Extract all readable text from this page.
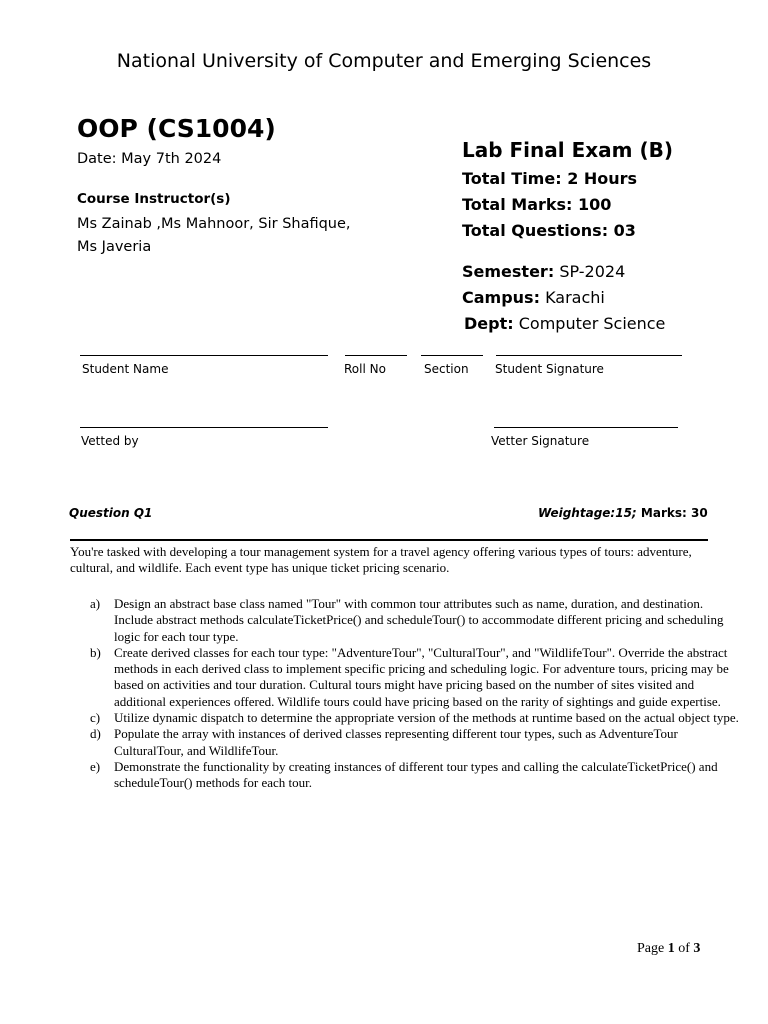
National University of Computer and Emerging Sciences
OOP (CS1004)
Date: May 7th 2024
Course Instructor(s)
Ms Zainab ,Ms Mahnoor, Sir Shafique,
Ms Javeria
Lab Final Exam (B)
Total Time: 2 Hours
Total Marks: 100
Total Questions: 03
Semester: SP-2024
Campus: Karachi
Dept: Computer Science
Student Name	Roll No	Section Student Signature
Vetted by	Vetter Signature
Question Q1	Weightage:15; Marks: 30
You're tasked with developing a tour management system for a travel agency offering various types of tours: adventure, cultural, and wildlife. Each event type has unique ticket pricing scenario.
a) Design an abstract base class named "Tour" with common tour attributes such as name, duration, and destination. Include abstract methods calculateTicketPrice() and scheduleTour() to accommodate different pricing and scheduling logic for each tour type.
b) Create derived classes for each tour type: "AdventureTour", "CulturalTour", and "WildlifeTour". Override the abstract methods in each derived class to implement specific pricing and scheduling logic. For adventure tours, pricing may be based on activities and tour duration. Cultural tours might have pricing based on the number of sites visited and additional experiences offered. Wildlife tours could have pricing based on the rarity of sightings and guide expertise.
c) Utilize dynamic dispatch to determine the appropriate version of the methods at runtime based on the actual object type.
d) Populate the array with instances of derived classes representing different tour types, such as AdventureTour CulturalTour, and WildlifeTour.
e) Demonstrate the functionality by creating instances of different tour types and calling the calculateTicketPrice() and scheduleTour() methods for each tour.
Page 1 of 3
